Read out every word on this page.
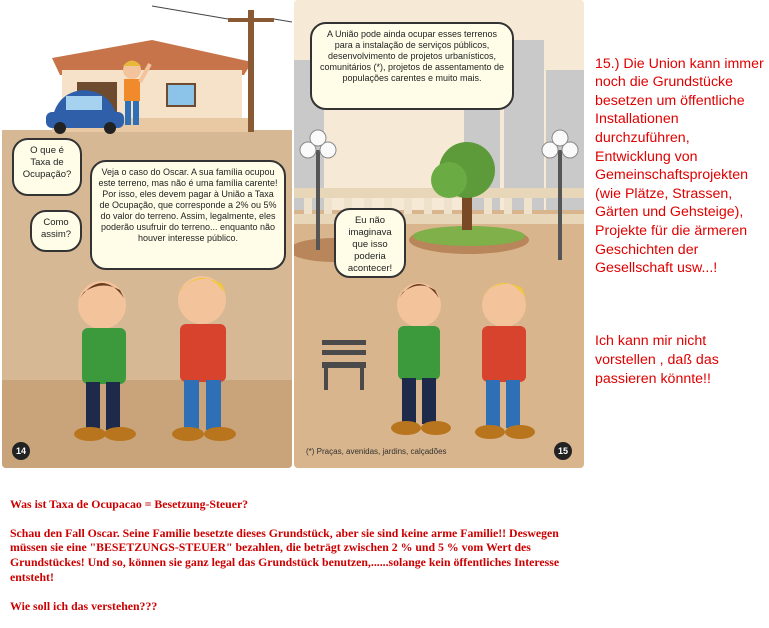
O que é Taxa de Ocupação?
Como assim?
Veja o caso do Oscar. A sua família ocupou este terreno, mas não é uma família carente! Por isso, eles devem pagar à União a Taxa de Ocupação, que corresponde a 2% ou 5% do valor do terreno. Assim, legalmente, eles poderão usufruir do terreno... enquanto não houver interesse público.
14
A União pode ainda ocupar esses terrenos para a instalação de serviços públicos, desenvolvimento de projetos urbanísticos, comunitários (*), projetos de assentamento de populações carentes e muito mais.
Eu não imaginava que isso poderia acontecer!
(*) Praças, avenidas, jardins, calçadões	15

15.) Die Union kann immer noch die Grundstücke besetzen um öffentliche Installationen durchzuführen, Entwicklung von Gemeinschaftsprojekten (wie Plätze, Strassen, Gärten und Gehsteige), Projekte für die ärmeren Geschichten der Gesellschaft usw...!

Ich kann mir nicht vorstellen , daß das passieren könnte!!

Was ist Taxa de Ocupacao = Besetzung-Steuer?

Schau den Fall Oscar. Seine Familie besetzte dieses Grundstück, aber sie sind keine arme Familie!! Deswegen müssen sie eine "BESETZUNGS-STEUER" bezahlen, die beträgt zwischen 2 % und 5 % vom Wert des Grundstückes! Und so, können sie ganz legal das Grundstück benutzen,......solange kein öffentliches Interesse entsteht!

Wie soll ich das verstehen???
